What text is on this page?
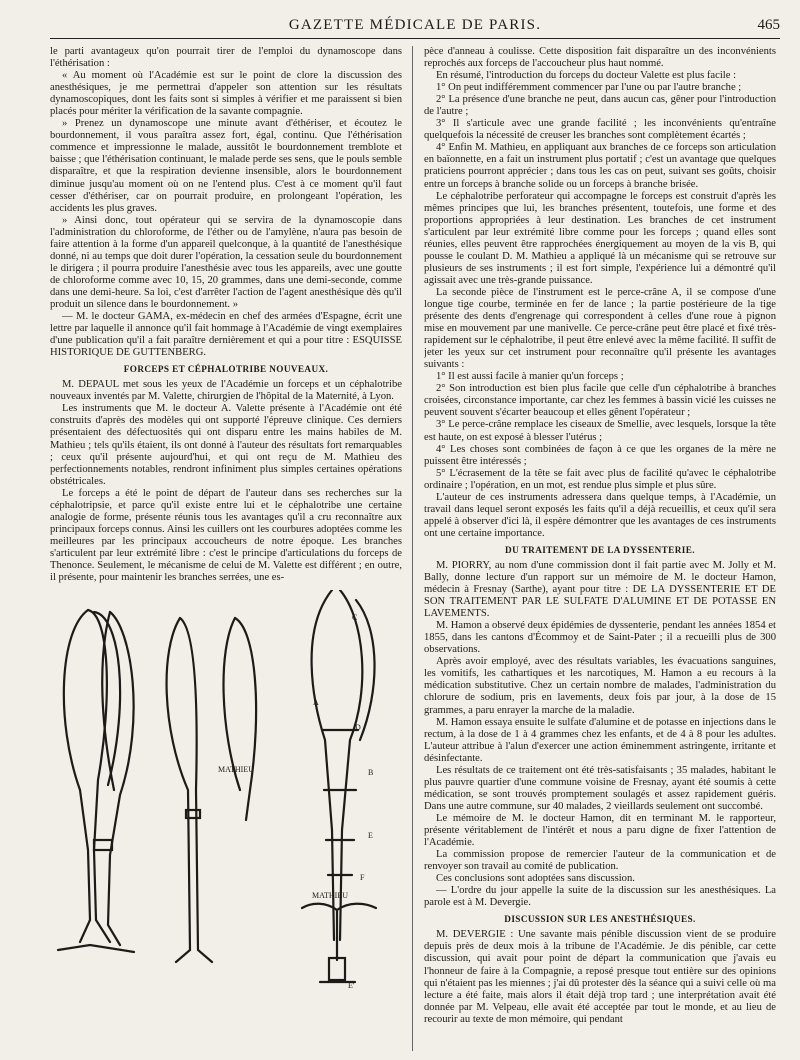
GAZETTE MÉDICALE DE PARIS.	465

le parti avantageux qu'on pourrait tirer de l'emploi du dynamoscope dans l'éthérisation :

« Au moment où l'Académie est sur le point de clore la discussion des anesthésiques, je me permettrai d'appeler son attention sur les résultats dynamoscopiques, dont les faits sont si simples à vérifier et me paraissent si bien placés pour mériter la vérification de la savante compagnie.

» Prenez un dynamoscope une minute avant d'éthériser, et écoutez le bourdonnement, il vous paraîtra assez fort, égal, continu. Que l'éthérisation commence et impressionne le malade, aussitôt le bourdonnement tremblote et baisse ; que l'éthérisation continuant, le malade perde ses sens, que le pouls semble disparaître, et que la respiration devienne insensible, alors le bourdonnement diminue jusqu'au moment où on ne l'entend plus. C'est à ce moment qu'il faut cesser d'éthériser, car on pourrait produire, en prolongeant l'opération, les accidents les plus graves.

» Ainsi donc, tout opérateur qui se servira de la dynamoscopie dans l'administration du chloroforme, de l'éther ou de l'amylène, n'aura pas besoin de faire attention à la forme d'un appareil quelconque, à la quantité de l'anesthésique donné, ni au temps que doit durer l'opération, la cessation seule du bourdonnement le dirigera ; il pourra produire l'anesthésie avec tous les appareils, avec une goutte de chloroforme comme avec 10, 15, 20 grammes, dans une demi-seconde, comme dans une demi-heure. Sa loi, c'est d'arrêter l'action de l'agent anesthésique dès qu'il produit un silence dans le bourdonnement. »

— M. le docteur GAMA, ex-médecin en chef des armées d'Espagne, écrit une lettre par laquelle il annonce qu'il fait hommage à l'Académie de vingt exemplaires d'une publication qu'il a fait paraître dernièrement et qui a pour titre : ESQUISSE HISTORIQUE DE GUTTENBERG.

FORCEPS ET CÉPHALOTRIBE NOUVEAUX.

M. DEPAUL met sous les yeux de l'Académie un forceps et un céphalotribe nouveaux inventés par M. Valette, chirurgien de l'hôpital de la Maternité, à Lyon.

Les instruments que M. le docteur A. Valette présente à l'Académie ont été construits d'après des modèles qui ont supporté l'épreuve clinique. Ces derniers présentaient des défectuosités qui ont disparu entre les mains habiles de M. Mathieu ; tels qu'ils étaient, ils ont donné à l'auteur des résultats fort remarquables ; ceux qu'il présente aujourd'hui, et qui ont reçu de M. Mathieu des perfectionnements notables, rendront infiniment plus simples certaines opérations obstétricales.

Le forceps a été le point de départ de l'auteur dans ses recherches sur la céphalotripsie, et parce qu'il existe entre lui et le céphalotribe une certaine analogie de forme, présente réunis tous les avantages qu'il a cru reconnaître aux principaux forceps connus. Ainsi les cuillers ont les courbures adoptées comme les meilleures par les principaux accoucheurs de notre époque. Les branches s'articulent par leur extrémité libre : c'est le principe d'articulations du forceps de Thenonce. Seulement, le mécanisme de celui de M. Valette est différent ; en outre, il présente, pour maintenir les branches serrées, une es-

MATHIEU
MATHIEU
A
B
C
D
E
F
E'

pèce d'anneau à coulisse. Cette disposition fait disparaître un des inconvénients reprochés aux forceps de l'accoucheur plus haut nommé.

En résumé, l'introduction du forceps du docteur Valette est plus facile :

1° On peut indifféremment commencer par l'une ou par l'autre branche ;

2° La présence d'une branche ne peut, dans aucun cas, gêner pour l'introduction de l'autre ;

3° Il s'articule avec une grande facilité ; les inconvénients qu'entraîne quelquefois la nécessité de creuser les branches sont complètement écartés ;

4° Enfin M. Mathieu, en appliquant aux branches de ce forceps son articulation en baïonnette, en a fait un instrument plus portatif ; c'est un avantage que quelques praticiens pourront apprécier ; dans tous les cas on peut, suivant ses goûts, choisir entre un forceps à branche solide ou un forceps à branche brisée.

Le céphalotribe perforateur qui accompagne le forceps est construit d'après les mêmes principes que lui, les branches présentent, toutefois, une forme et des proportions appropriées à leur destination. Les branches de cet instrument s'articulent par leur extrémité libre comme pour les forceps ; quand elles sont réunies, elles peuvent être rapprochées énergiquement au moyen de la vis B, qui pousse le coulant D. M. Mathieu a appliqué là un mécanisme qui se retrouve sur plusieurs de ses instruments ; il est fort simple, l'expérience lui a démontré qu'il agissait avec une très-grande puissance.

La seconde pièce de l'instrument est le perce-crâne A, il se compose d'une longue tige courbe, terminée en fer de lance ; la partie postérieure de la tige présente des dents d'engrenage qui correspondent à celles d'une roue à pignon mise en mouvement par une manivelle. Ce perce-crâne peut être placé et fixé très-rapidement sur le céphalotribe, il peut être enlevé avec la même facilité. Il suffit de jeter les yeux sur cet instrument pour reconnaître qu'il présente les avantages suivants :

1° Il est aussi facile à manier qu'un forceps ;

2° Son introduction est bien plus facile que celle d'un céphalotribe à branches croisées, circonstance importante, car chez les femmes à bassin vicié les cuisses ne peuvent souvent s'écarter beaucoup et elles gênent l'opérateur ;

3° Le perce-crâne remplace les ciseaux de Smellie, avec lesquels, lorsque la tête est haute, on est exposé à blesser l'utérus ;

4° Les choses sont combinées de façon à ce que les organes de la mère ne puissent être intéressés ;

5° L'écrasement de la tête se fait avec plus de facilité qu'avec le céphalotribe ordinaire ; l'opération, en un mot, est rendue plus simple et plus sûre.

L'auteur de ces instruments adressera dans quelque temps, à l'Académie, un travail dans lequel seront exposés les faits qu'il a déjà recueillis, et ceux qu'il sera appelé à observer d'ici là, il espère démontrer que les avantages de ces instruments ont une certaine importance.

DU TRAITEMENT DE LA DYSSENTERIE.

M. PIORRY, au nom d'une commission dont il fait partie avec M. Jolly et M. Bally, donne lecture d'un rapport sur un mémoire de M. le docteur Hamon, médecin à Fresnay (Sarthe), ayant pour titre : DE LA DYSSENTERIE ET DE SON TRAITEMENT PAR LE SULFATE D'ALUMINE ET DE POTASSE EN LAVEMENTS.

M. Hamon a observé deux épidémies de dyssenterie, pendant les années 1854 et 1855, dans les cantons d'Écommoy et de Saint-Pater ; il a recueilli plus de 300 observations.

Après avoir employé, avec des résultats variables, les évacuations sanguines, les vomitifs, les cathartiques et les narcotiques, M. Hamon a eu recours à la médication substitutive. Chez un certain nombre de malades, l'administration du chlorure de sodium, pris en lavements, deux fois par jour, à la dose de 15 grammes, a paru enrayer la marche de la maladie.

M. Hamon essaya ensuite le sulfate d'alumine et de potasse en injections dans le rectum, à la dose de 1 à 4 grammes chez les enfants, et de 4 à 8 pour les adultes. L'auteur attribue à l'alun d'exercer une action éminemment astringente, irritante et désinfectante.

Les résultats de ce traitement ont été très-satisfaisants ; 35 malades, habitant le plus pauvre quartier d'une commune voisine de Fresnay, ayant été soumis à cette médication, se sont trouvés promptement soulagés et assez rapidement guéris. Dans une autre commune, sur 40 malades, 2 vieillards seulement ont succombé.

Le mémoire de M. le docteur Hamon, dit en terminant M. le rapporteur, présente véritablement de l'intérêt et nous a paru digne de fixer l'attention de l'Académie.

La commission propose de remercier l'auteur de la communication et de renvoyer son travail au comité de publication.

Ces conclusions sont adoptées sans discussion.

— L'ordre du jour appelle la suite de la discussion sur les anesthésiques. La parole est à M. Devergie.

DISCUSSION SUR LES ANESTHÉSIQUES.

M. DEVERGIE : Une savante mais pénible discussion vient de se produire depuis près de deux mois à la tribune de l'Académie. Je dis pénible, car cette discussion, qui avait pour point de départ la communication que j'avais eu l'honneur de faire à la Compagnie, a reposé presque tout entière sur des opinions qui n'étaient pas les miennes ; j'ai dû protester dès la séance qui a suivi celle où ma lecture a été faite, mais alors il était déjà trop tard ; une interprétation avait été donnée par M. Velpeau, elle avait été acceptée par tout le monde, et au lieu de recourir au texte de mon mémoire, qui pendant
